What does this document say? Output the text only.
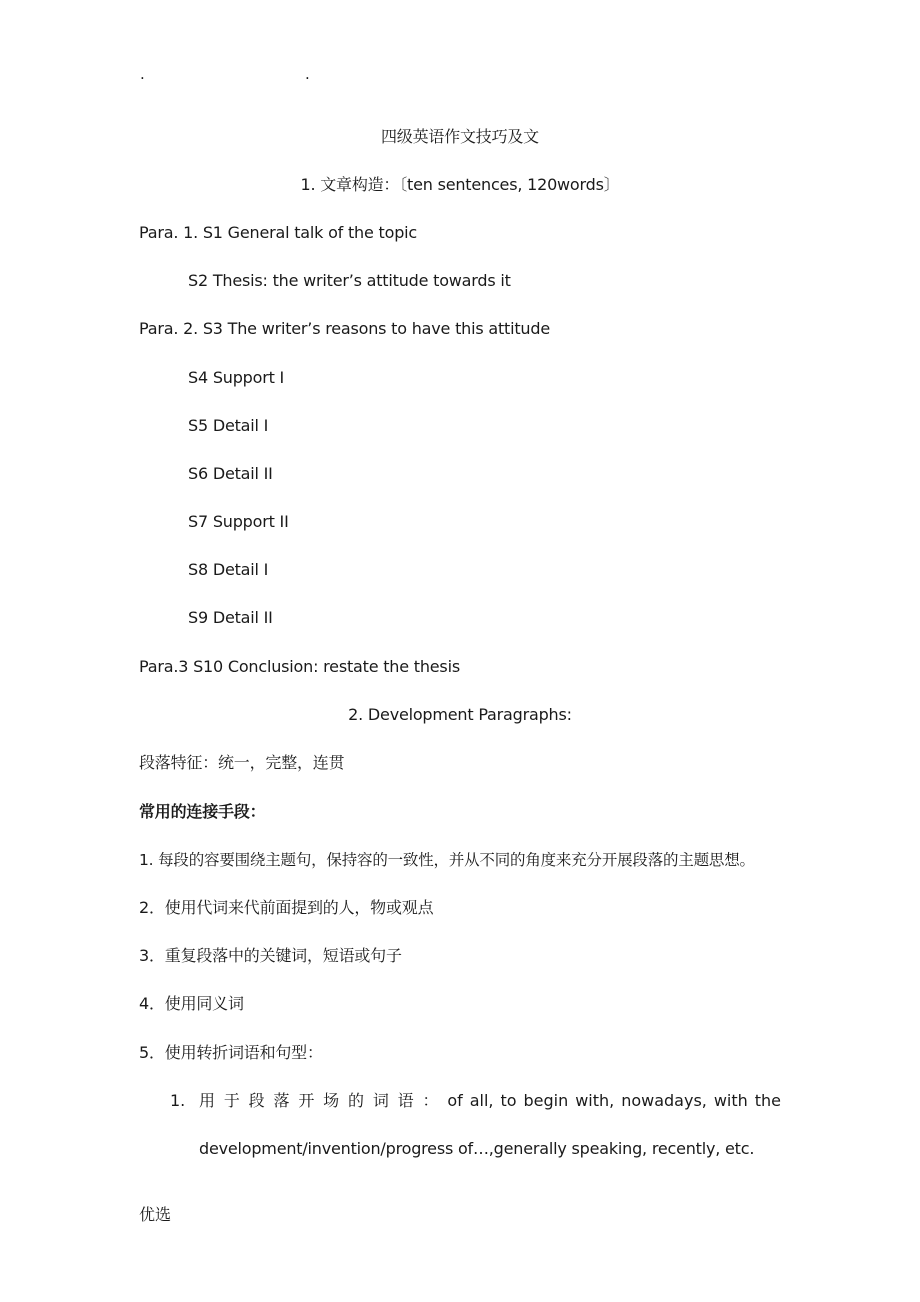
.	.
四级英语作文技巧及文
1. 文章构造：〔ten sentences, 120words〕
Para. 1. S1 General talk of the topic
S2 Thesis: the writer’s attitude towards it
Para. 2. S3 The writer’s reasons to have this attitude
S4 Support I
S5 Detail I
S6 Detail II
S7 Support II
S8 Detail I
S9 Detail II
Para.3 S10 Conclusion: restate the thesis
2. Development Paragraphs:
段落特征：统一，完整，连贯
常用的连接手段：
1. 每段的容要围绕主题句，保持容的一致性，并从不同的角度来充分开展段落的主题思想。
2．使用代词来代前面提到的人，物或观点
3．重复段落中的关键词，短语或句子
4．使用同义词
5．使用转折词语和句型：
1. 用 于 段 落 开 场 的 词 语 ： of all, to begin with, nowadays, with the
development/invention/progress of…,generally speaking, recently, etc.
优选
